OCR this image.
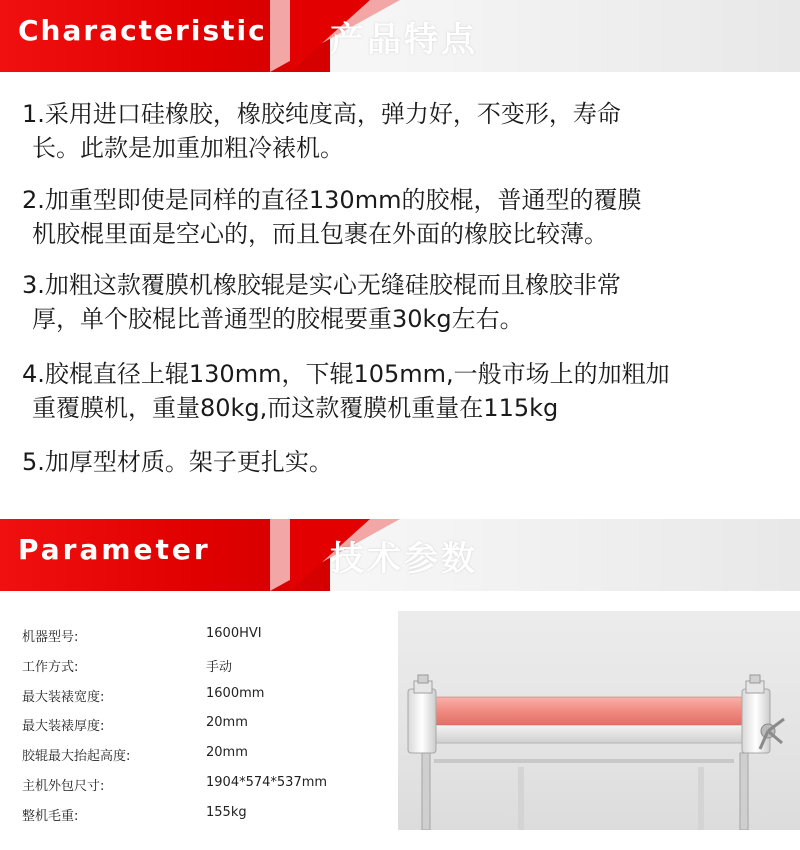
Characteristic 产品特点
1.采用进口硅橡胶，橡胶纯度高，弹力好，不变形，寿命
长。此款是加重加粗冷裱机。
2.加重型即使是同样的直径130mm的胶棍，普通型的覆膜
机胶棍里面是空心的，而且包裹在外面的橡胶比较薄。
3.加粗这款覆膜机橡胶辊是实心无缝硅胶棍而且橡胶非常
厚，单个胶棍比普通型的胶棍要重30kg左右。
4.胶棍直径上辊130mm，下辊105mm,一般市场上的加粗加
重覆膜机，重量80kg,而这款覆膜机重量在115kg
5.加厚型材质。架子更扎实。
Parameter	技术参数
机器型号:	1600HVI
工作方式:	手动
最大装裱宽度:	1600mm
最大装裱厚度:	20mm
胶辊最大抬起高度:	20mm
主机外包尺寸:	1904*574*537mm
整机毛重:	155kg
